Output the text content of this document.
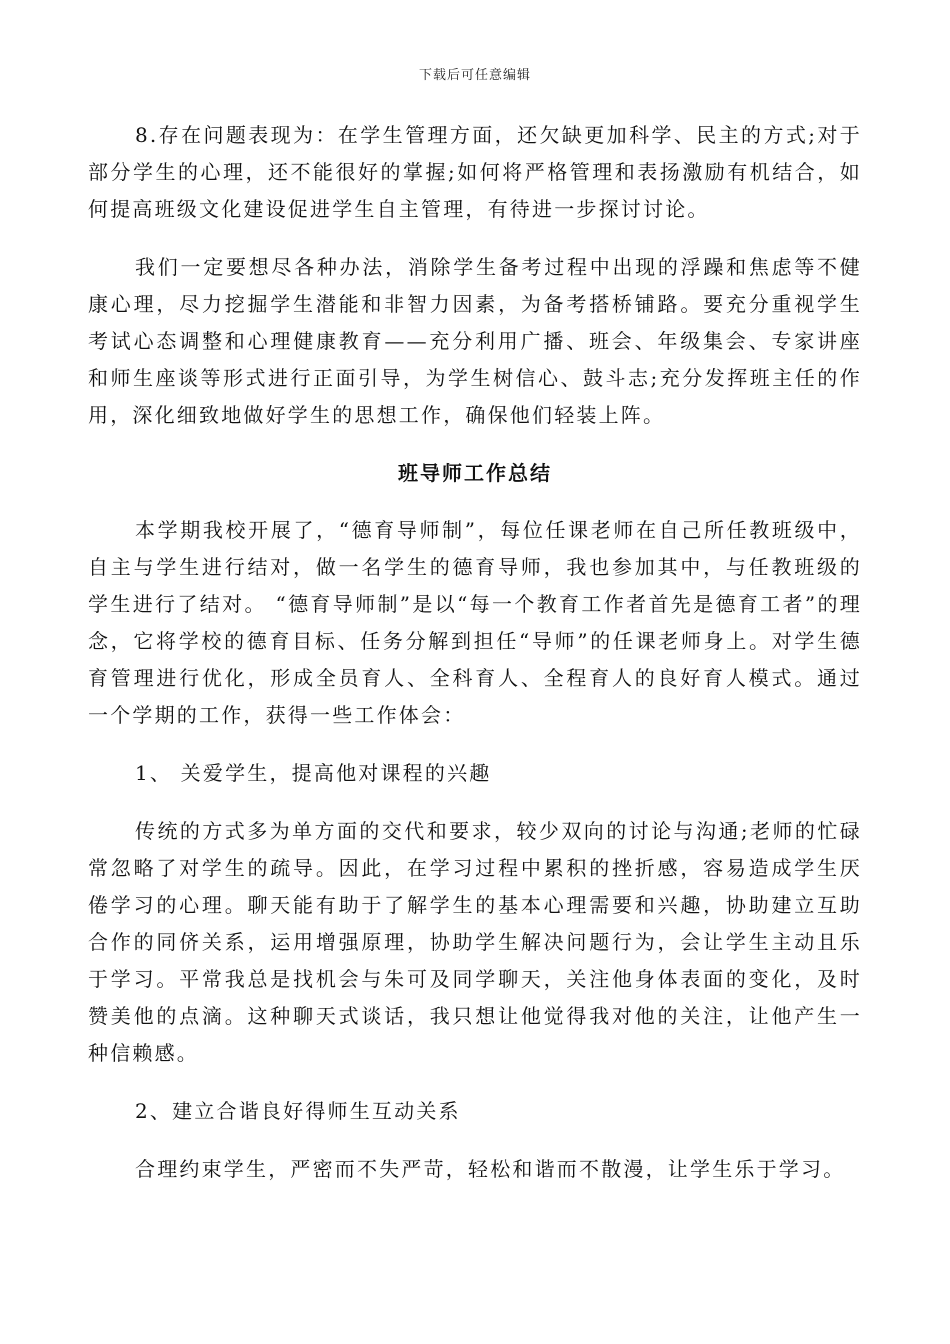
下载后可任意编辑

8.存在问题表现为：在学生管理方面，还欠缺更加科学、民主的方式;对于部分学生的心理，还不能很好的掌握;如何将严格管理和表扬激励有机结合，如何提高班级文化建设促进学生自主管理，有待进一步探讨讨论。

我们一定要想尽各种办法，消除学生备考过程中出现的浮躁和焦虑等不健康心理，尽力挖掘学生潜能和非智力因素，为备考搭桥铺路。要充分重视学生考试心态调整和心理健康教育——充分利用广播、班会、年级集会、专家讲座和师生座谈等形式进行正面引导，为学生树信心、鼓斗志;充分发挥班主任的作用，深化细致地做好学生的思想工作，确保他们轻装上阵。

班导师工作总结

本学期我校开展了，“德育导师制”，每位任课老师在自己所任教班级中，自主与学生进行结对，做一名学生的德育导师，我也参加其中，与任教班级的学生进行了结对。 “德育导师制”是以“每一个教育工作者首先是德育工者”的理念，它将学校的德育目标、任务分解到担任“导师”的任课老师身上。对学生德育管理进行优化，形成全员育人、全科育人、全程育人的良好育人模式。通过一个学期的工作，获得一些工作体会：

1、 关爱学生，提高他对课程的兴趣

传统的方式多为单方面的交代和要求，较少双向的讨论与沟通;老师的忙碌常忽略了对学生的疏导。因此，在学习过程中累积的挫折感，容易造成学生厌倦学习的心理。聊天能有助于了解学生的基本心理需要和兴趣，协助建立互助合作的同侪关系，运用增强原理，协助学生解决问题行为，会让学生主动且乐于学习。平常我总是找机会与朱可及同学聊天，关注他身体表面的变化，及时赞美他的点滴。这种聊天式谈话，我只想让他觉得我对他的关注，让他产生一种信赖感。

2、建立合谐良好得师生互动关系

合理约束学生，严密而不失严苛，轻松和谐而不散漫，让学生乐于学习。
